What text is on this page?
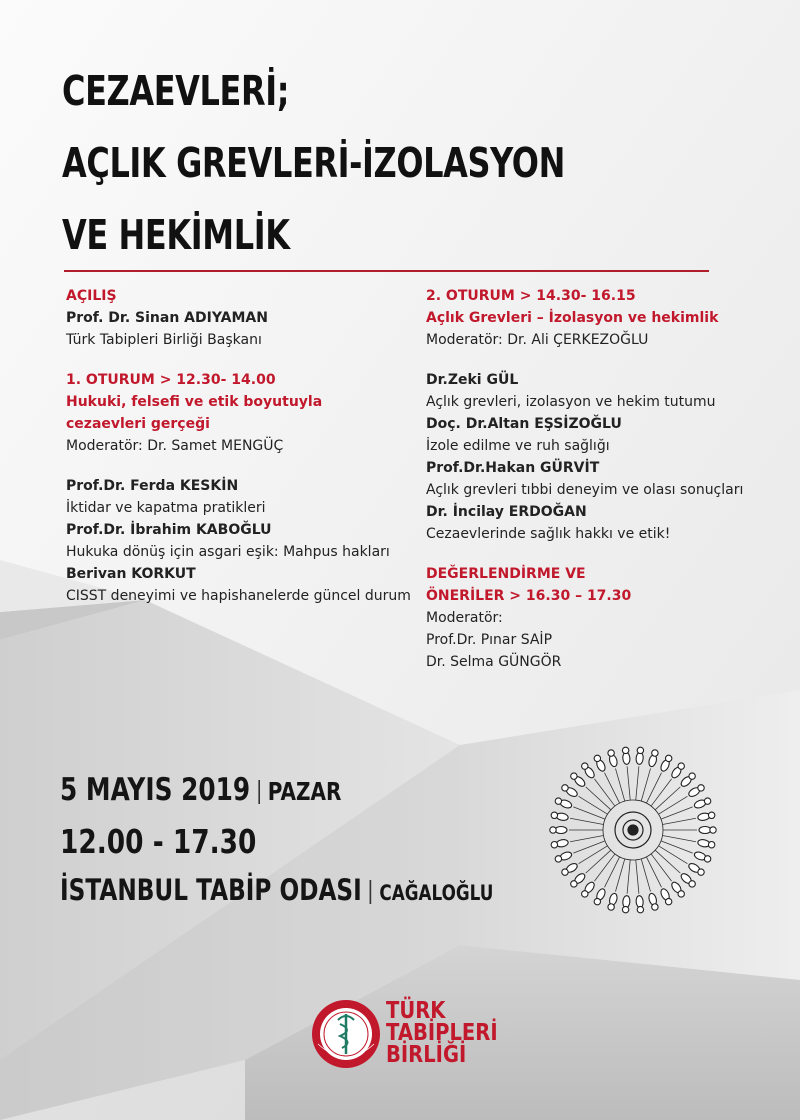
CEZAEVLERİ;
AÇLIK GREVLERİ-İZOLASYON
VE HEKİMLİK
AÇILIŞ
Prof. Dr. Sinan ADIYAMAN
Türk Tabipleri Birliği Başkanı
1. OTURUM > 12.30- 14.00
Hukuki, felsefi ve etik boyutuyla
cezaevleri gerçeği
Moderatör: Dr. Samet MENGÜÇ
Prof.Dr. Ferda KESKİN
İktidar ve kapatma pratikleri
Prof.Dr. İbrahim KABOĞLU
Hukuka dönüş için asgari eşik: Mahpus hakları
Berivan KORKUT
CISST deneyimi ve hapishanelerde güncel durum
2. OTURUM > 14.30- 16.15
Açlık Grevleri – İzolasyon ve hekimlik
Moderatör: Dr. Ali ÇERKEZOĞLU
Dr.Zeki GÜL
Açlık grevleri, izolasyon ve hekim tutumu
Doç. Dr.Altan EŞSİZOĞLU
İzole edilme ve ruh sağlığı
Prof.Dr.Hakan GÜRVİT
Açlık grevleri tıbbi deneyim ve olası sonuçları
Dr. İncilay ERDOĞAN
Cezaevlerinde sağlık hakkı ve etik!
DEĞERLENDİRME VE
ÖNERİLER > 16.30 – 17.30
Moderatör:
Prof.Dr. Pınar SAİP
Dr. Selma GÜNGÖR
5 MAYIS 2019 PAZAR
12.00 - 17.30
İSTANBUL TABİP ODASI CAĞALOĞLU
TÜRK
TABİPLERİ
BİRLİĞİ
